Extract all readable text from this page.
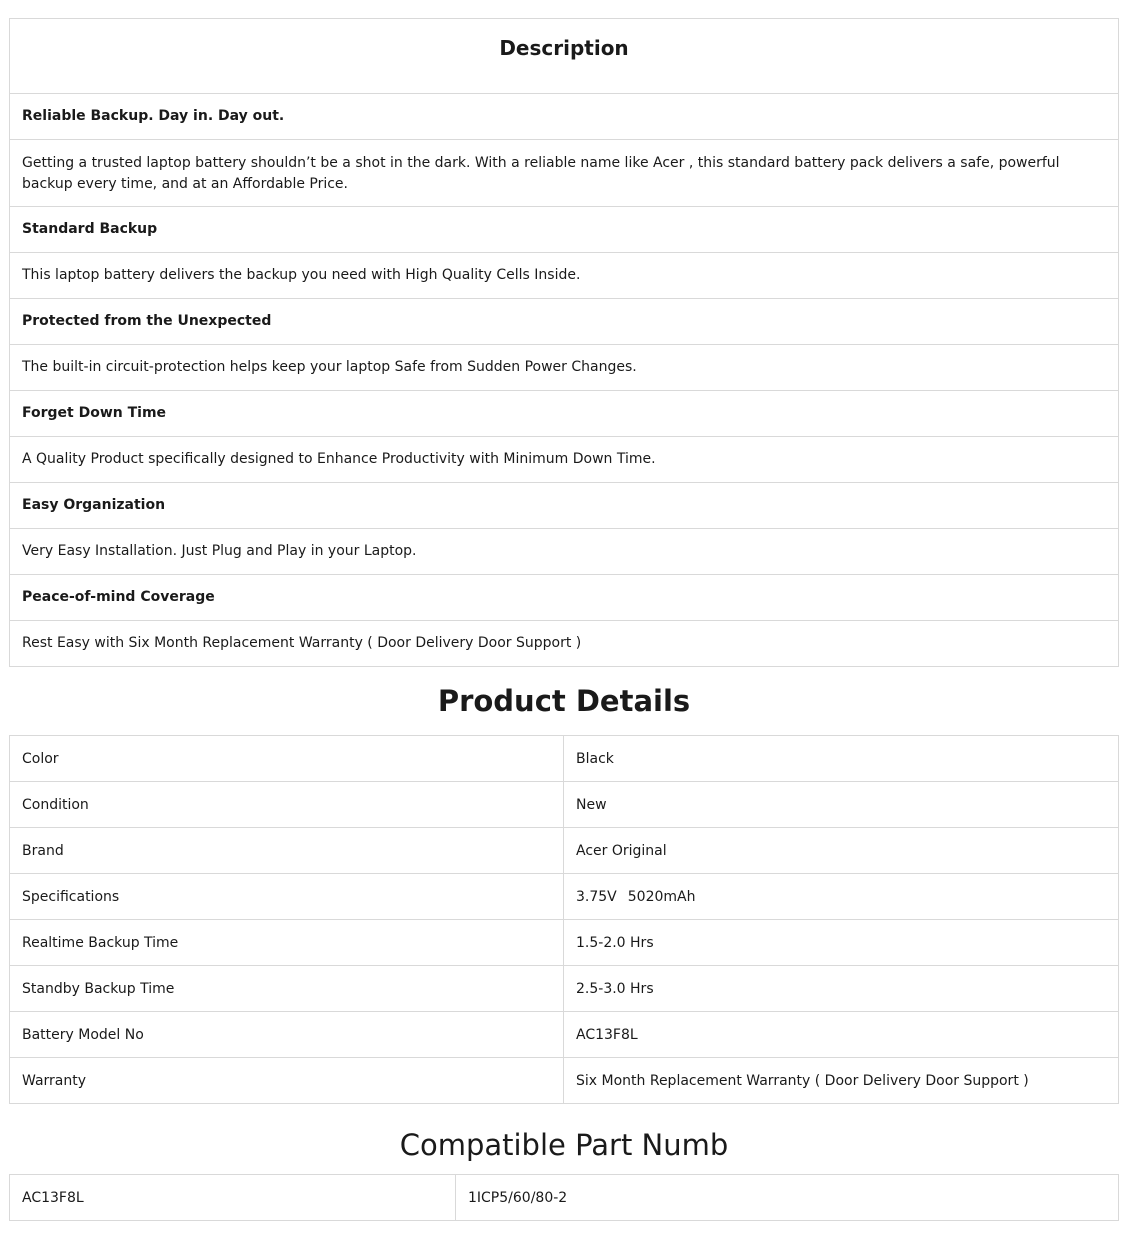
Description
Reliable Backup. Day in. Day out.
Getting a trusted laptop battery shouldn’t be a shot in the dark. With a reliable name like Acer , this standard battery pack delivers a safe, powerful backup every time, and at an Affordable Price.
Standard Backup
This laptop battery delivers the backup you need with High Quality Cells Inside.
Protected from the Unexpected
The built-in circuit-protection helps keep your laptop Safe from Sudden Power Changes.
Forget Down Time
A Quality Product specifically designed to Enhance Productivity with Minimum Down Time.
Easy Organization
Very Easy Installation. Just Plug and Play in your Laptop.
Peace-of-mind Coverage
Rest Easy with Six Month Replacement Warranty ( Door Delivery Door Support )
Product Details
Color	Black
Condition	New
Brand	Acer Original
Specifications	3.75V 5020mAh
Realtime Backup Time	1.5-2.0 Hrs
Standby Backup Time	2.5-3.0 Hrs
Battery Model No	AC13F8L
Warranty	Six Month Replacement Warranty ( Door Delivery Door Support )
Compatible Part Numb
AC13F8L	1ICP5/60/80-2
